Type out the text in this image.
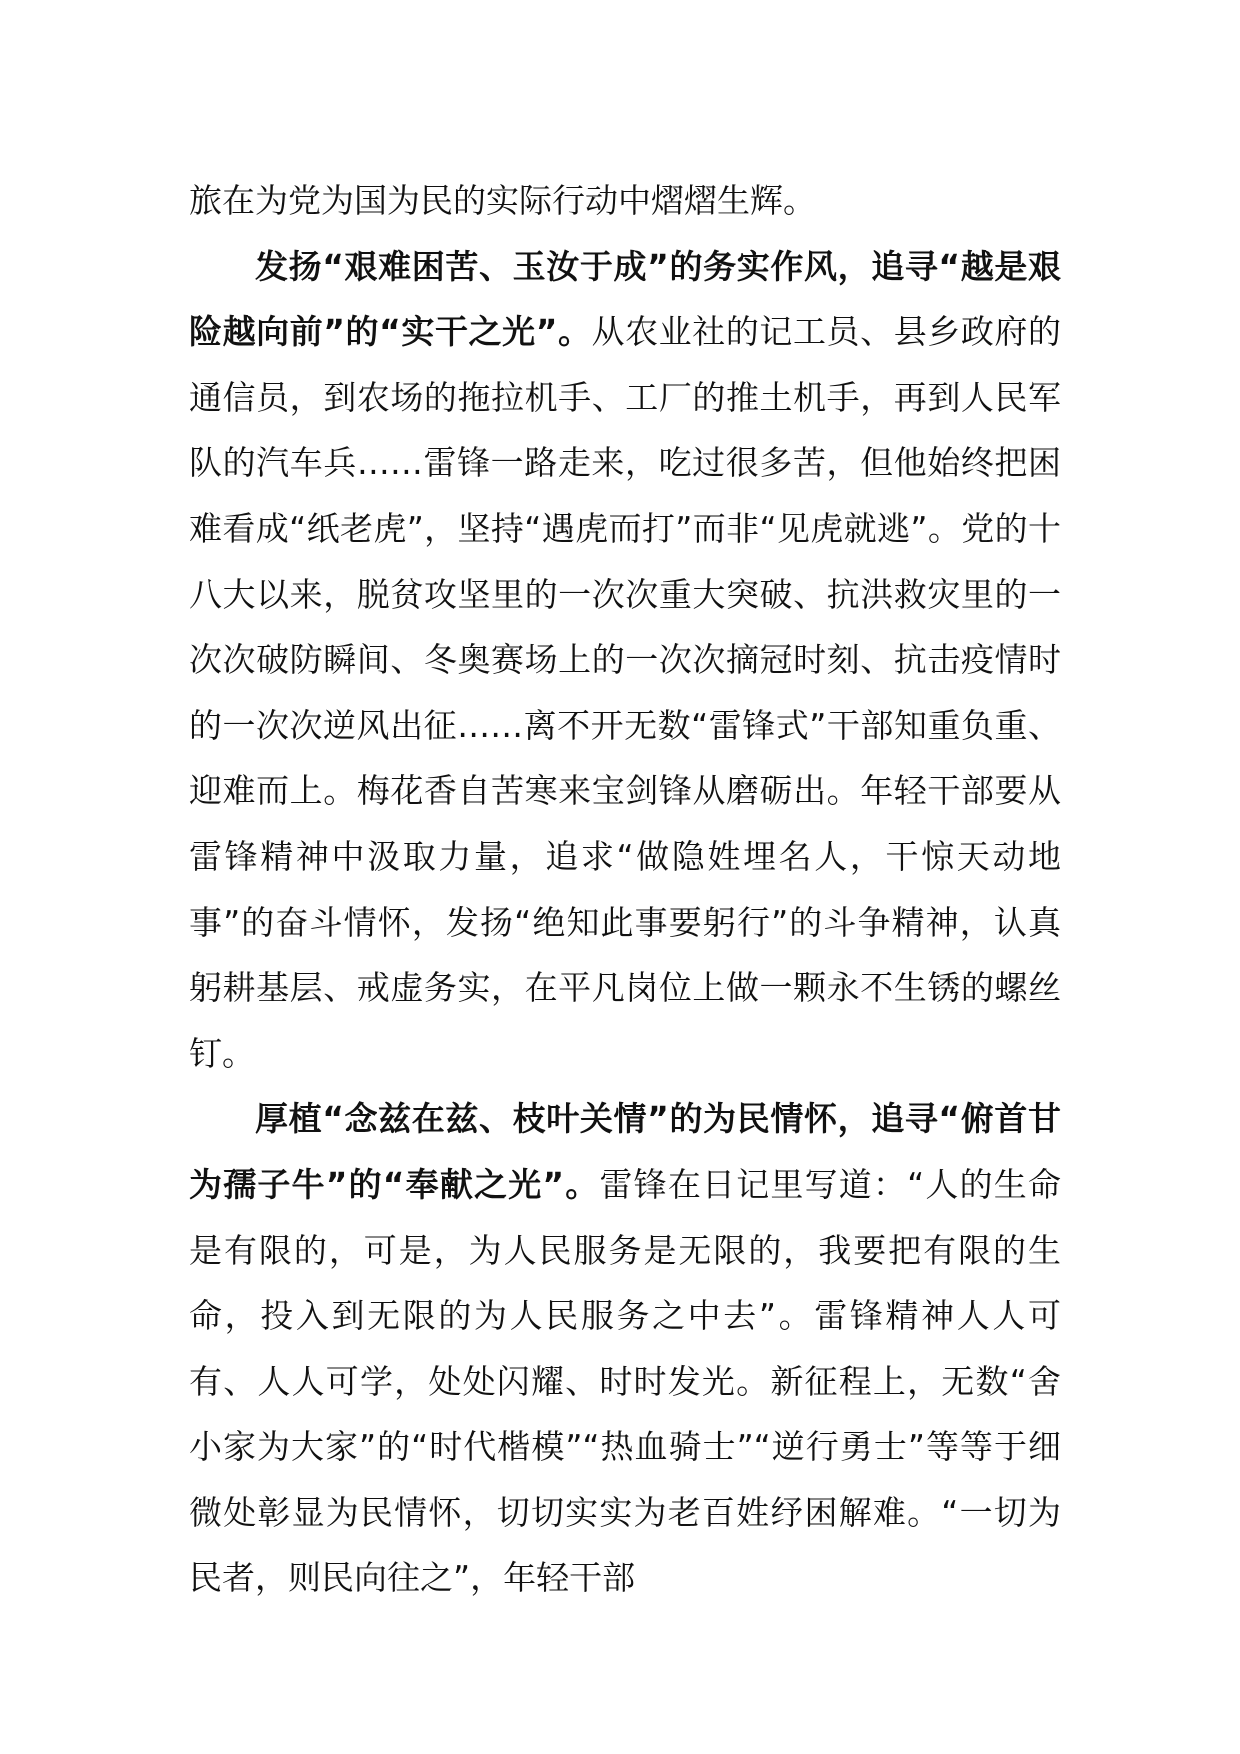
旅在为党为国为民的实际行动中熠熠生辉。

发扬“艰难困苦、玉汝于成”的务实作风，追寻“越是艰险越向前”的“实干之光”。从农业社的记工员、县乡政府的通信员，到农场的拖拉机手、工厂的推土机手，再到人民军队的汽车兵……雷锋一路走来，吃过很多苦，但他始终把困难看成“纸老虎”，坚持“遇虎而打”而非“见虎就逃”。党的十八大以来，脱贫攻坚里的一次次重大突破、抗洪救灾里的一次次破防瞬间、冬奥赛场上的一次次摘冠时刻、抗击疫情时的一次次逆风出征……离不开无数“雷锋式”干部知重负重、迎难而上。梅花香自苦寒来宝剑锋从磨砺出。年轻干部要从雷锋精神中汲取力量，追求“做隐姓埋名人，干惊天动地事”的奋斗情怀，发扬“绝知此事要躬行”的斗争精神，认真躬耕基层、戒虚务实，在平凡岗位上做一颗永不生锈的螺丝钉。

厚植“念兹在兹、枝叶关情”的为民情怀，追寻“俯首甘为孺子牛”的“奉献之光”。雷锋在日记里写道：“人的生命是有限的，可是，为人民服务是无限的，我要把有限的生命，投入到无限的为人民服务之中去”。雷锋精神人人可有、人人可学，处处闪耀、时时发光。新征程上，无数“舍小家为大家”的“时代楷模”“热血骑士”“逆行勇士”等等于细微处彰显为民情怀，切切实实为老百姓纾困解难。“一切为民者，则民向往之”，年轻干部
